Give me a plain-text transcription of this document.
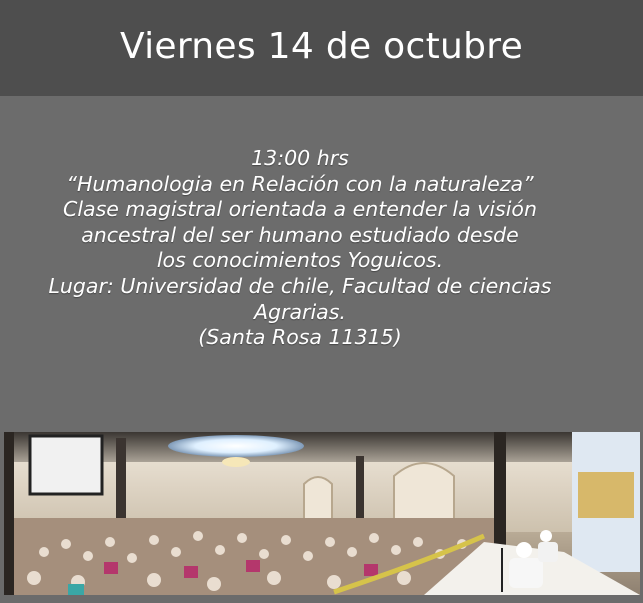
Viernes 14 de octubre
13:00 hrs
“Humanologia en Relación con la naturaleza”
Clase magistral orientada a entender la visión
ancestral del ser humano estudiado desde
los conocimientos Yoguicos.
Lugar: Universidad de chile, Facultad de ciencias
Agrarias.
(Santa Rosa 11315)
